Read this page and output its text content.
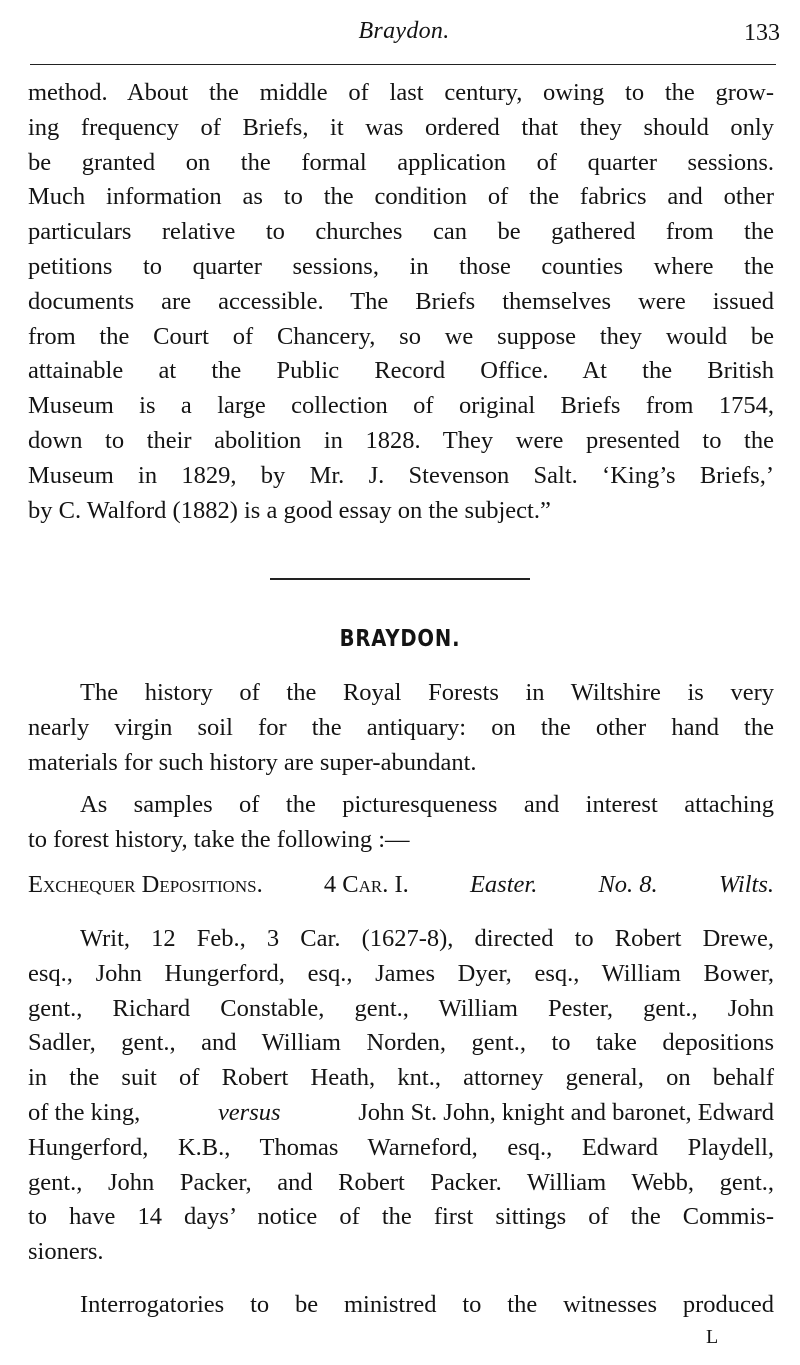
Braydon.	133
method. About the middle of last century, owing to the grow-
ing frequency of Briefs, it was ordered that they should only
be granted on the formal application of quarter sessions.
Much information as to the condition of the fabrics and other
particulars relative to churches can be gathered from the
petitions to quarter sessions, in those counties where the
documents are accessible. The Briefs themselves were issued
from the Court of Chancery, so we suppose they would be
attainable at the Public Record Office. At the British
Museum is a large collection of original Briefs from 1754,
down to their abolition in 1828. They were presented to the
Museum in 1829, by Mr. J. Stevenson Salt. ‘King’s Briefs,’
by C. Walford (1882) is a good essay on the subject.”
BRAYDON.
The history of the Royal Forests in Wiltshire is very
nearly virgin soil for the antiquary: on the other hand the
materials for such history are super-abundant.
As samples of the picturesqueness and interest attaching
to forest history, take the following :—
Exchequer Depositions. 4 Car. I. Easter. No. 8. Wilts.
Writ, 12 Feb., 3 Car. (1627-8), directed to Robert Drewe,
esq., John Hungerford, esq., James Dyer, esq., William Bower,
gent., Richard Constable, gent., William Pester, gent., John
Sadler, gent., and William Norden, gent., to take depositions
in the suit of Robert Heath, knt., attorney general, on behalf
of the king,	versus	John St. John, knight and baronet, Edward
Hungerford, K.B., Thomas Warneford, esq., Edward Playdell,
gent., John Packer, and Robert Packer. William Webb, gent.,
to have 14 days’ notice of the first sittings of the Commis-
sioners.
Interrogatories to be ministred to the witnesses produced
L
